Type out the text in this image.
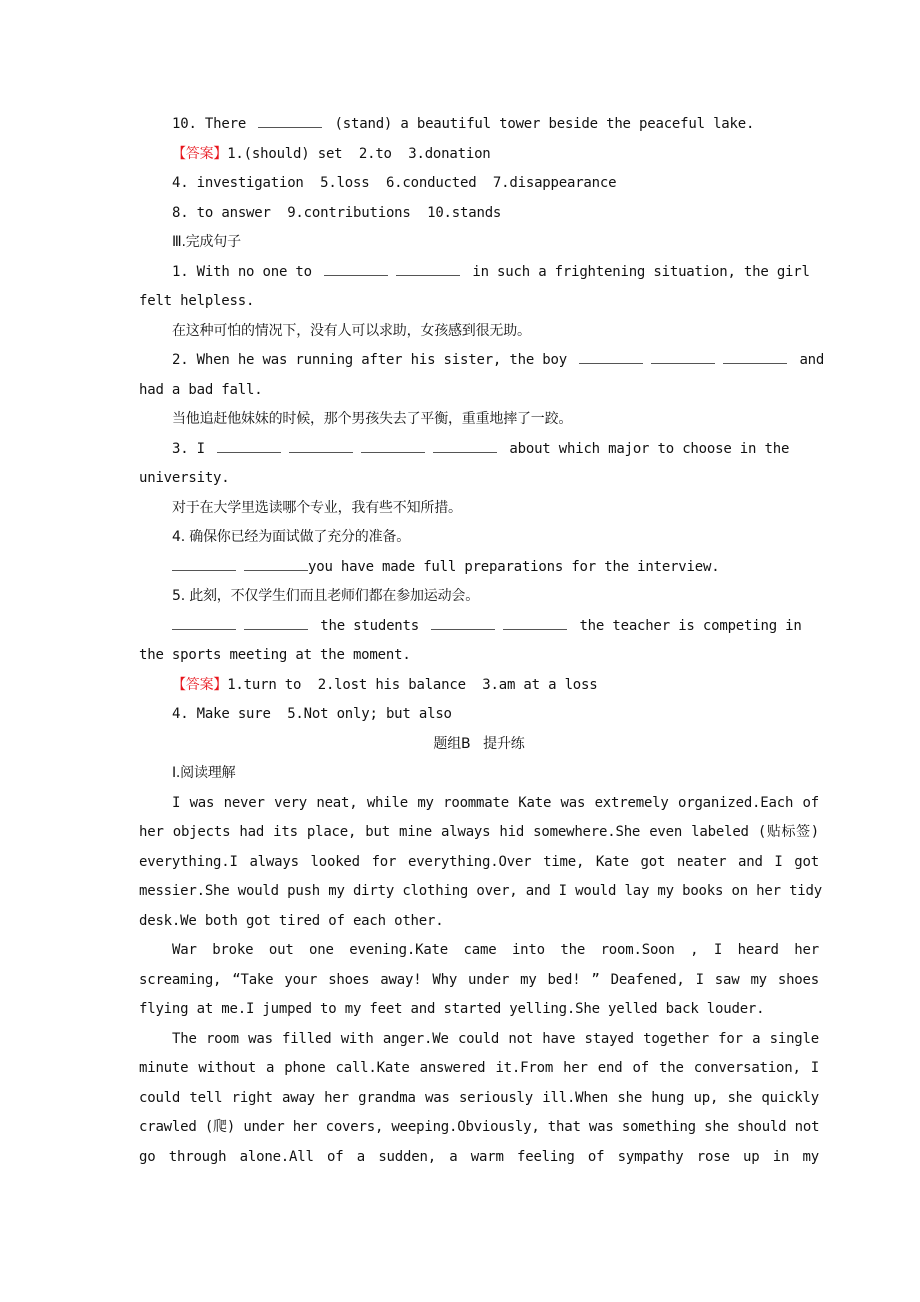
10. There	(stand) a beautiful tower beside the peaceful lake.
【答案】1.(should) set  2.to  3.donation
4. investigation  5.loss  6.conducted  7.disappearance
8. to answer  9.contributions  10.stands
Ⅲ.完成句子
1. With no one to	in such a frightening situation, the girl
felt helpless.
在这种可怕的情况下，没有人可以求助，女孩感到很无助。
2. When he was running after his sister, the boy	and
had a bad fall.
当他追赶他妹妹的时候，那个男孩失去了平衡，重重地摔了一跤。
3. I	about which major to choose in the
university.
对于在大学里选读哪个专业，我有些不知所措。
4. 确保你已经为面试做了充分的准备。
you have made full preparations for the interview.
5. 此刻，不仅学生们而且老师们都在参加运动会。
the students	the teacher is competing in
the sports meeting at the moment.
【答案】1.turn to  2.lost his balance  3.am at a loss
4. Make sure  5.Not only; but also
题组B   提升练
Ⅰ.阅读理解
I was never very neat, while my roommate Kate was extremely organized.Each of
her objects had its place, but mine always hid somewhere.She even labeled (贴标签)
everything.I always looked for everything.Over time, Kate got neater and I got
messier.She would push my dirty clothing over, and I would lay my books on her tidy
desk.We both got tired of each other.
War broke out one evening.Kate came into the room.Soon , I heard her
screaming, “Take your shoes away! Why under my bed! ” Deafened, I saw my shoes
flying at me.I jumped to my feet and started yelling.She yelled back louder.
The room was filled with anger.We could not have stayed together for a single
minute without a phone call.Kate answered it.From her end of the conversation, I
could tell right away her grandma was seriously ill.When she hung up, she quickly
crawled (爬) under her covers, weeping.Obviously, that was something she should not
go through alone.All of a sudden, a warm feeling of sympathy rose up in my
